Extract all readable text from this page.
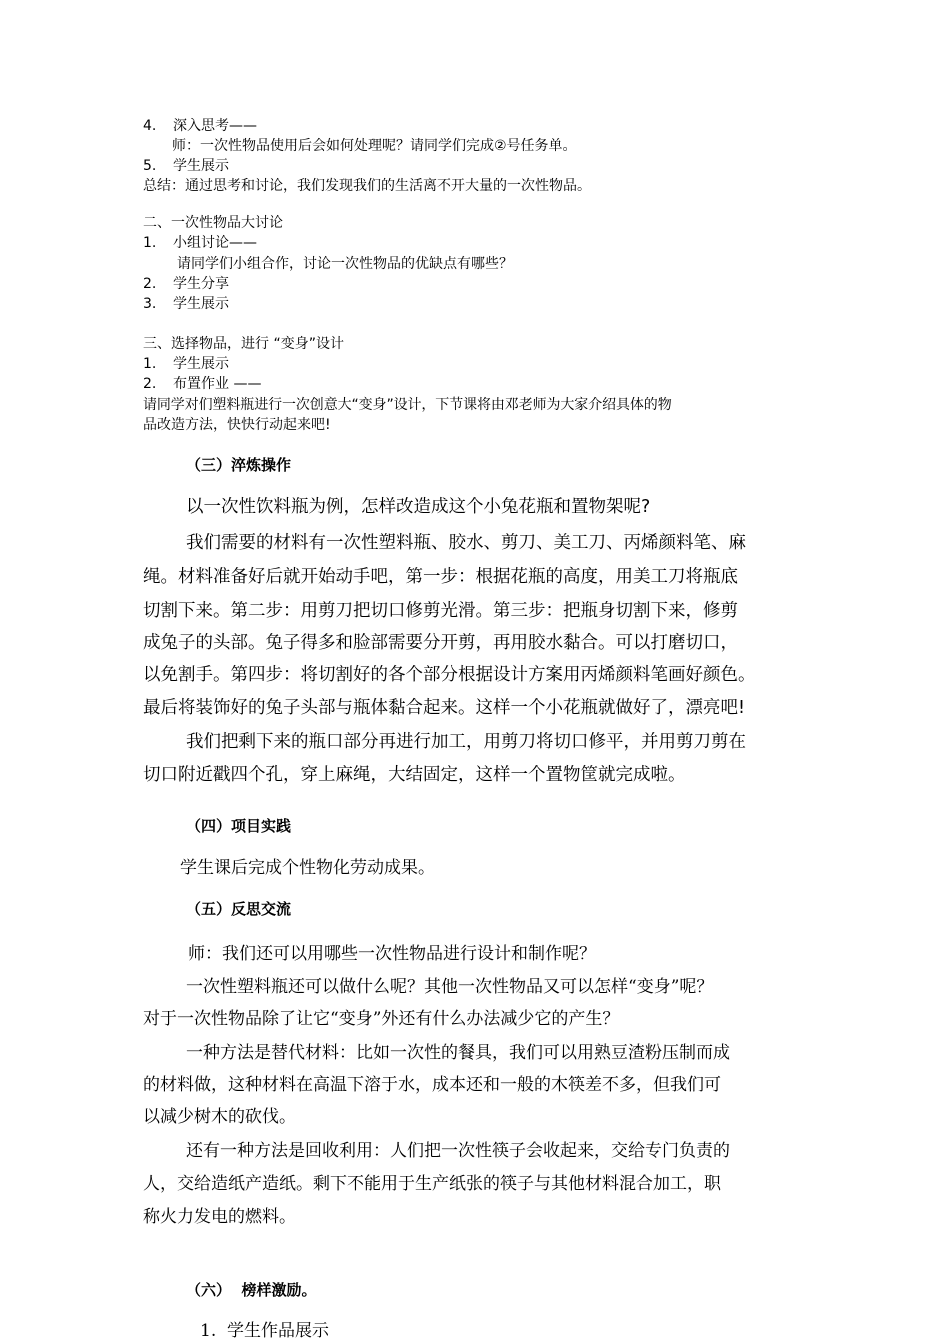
4. 深入思考——
师：一次性物品使用后会如何处理呢？请同学们完成②号任务单。
5. 学生展示
总结：通过思考和讨论，我们发现我们的生活离不开大量的一次性物品。
二、一次性物品大讨论
1. 小组讨论——
请同学们小组合作，讨论一次性物品的优缺点有哪些？
2. 学生分享
3. 学生展示
三、选择物品，进行 “变身”设计
1. 学生展示
2. 布置作业 ——
请同学对们塑料瓶进行一次创意大“变身”设计，下节课将由邓老师为大家介绍具体的物
品改造方法，快快行动起来吧!
（三）淬炼操作
以一次性饮料瓶为例，怎样改造成这个小兔花瓶和置物架呢?
我们需要的材料有一次性塑料瓶、胶水、剪刀、美工刀、丙烯颜料笔、麻
绳。材料准备好后就开始动手吧，第一步：根据花瓶的高度，用美工刀将瓶底
切割下来。第二步：用剪刀把切口修剪光滑。第三步：把瓶身切割下来，修剪
成兔子的头部。兔子得多和脸部需要分开剪，再用胶水黏合。可以打磨切口，
以免割手。第四步：将切割好的各个部分根据设计方案用丙烯颜料笔画好颜色。
最后将装饰好的兔子头部与瓶体黏合起来。这样一个小花瓶就做好了，漂亮吧!
我们把剩下来的瓶口部分再进行加工，用剪刀将切口修平，并用剪刀剪在
切口附近戳四个孔，穿上麻绳，大结固定，这样一个置物筐就完成啦。
（四）项目实践
学生课后完成个性物化劳动成果。
（五）反思交流
师：我们还可以用哪些一次性物品进行设计和制作呢？
一次性塑料瓶还可以做什么呢？其他一次性物品又可以怎样“变身”呢？
对于一次性物品除了让它“变身”外还有什么办法减少它的产生？
一种方法是替代材料：比如一次性的餐具，我们可以用熟豆渣粉压制而成
的材料做，这种材料在高温下溶于水，成本还和一般的木筷差不多，但我们可
以减少树木的砍伐。
还有一种方法是回收利用：人们把一次性筷子会收起来，交给专门负责的
人，交给造纸产造纸。剩下不能用于生产纸张的筷子与其他材料混合加工，职
称火力发电的燃料。
（六）  榜样激励。
1.  学生作品展示
